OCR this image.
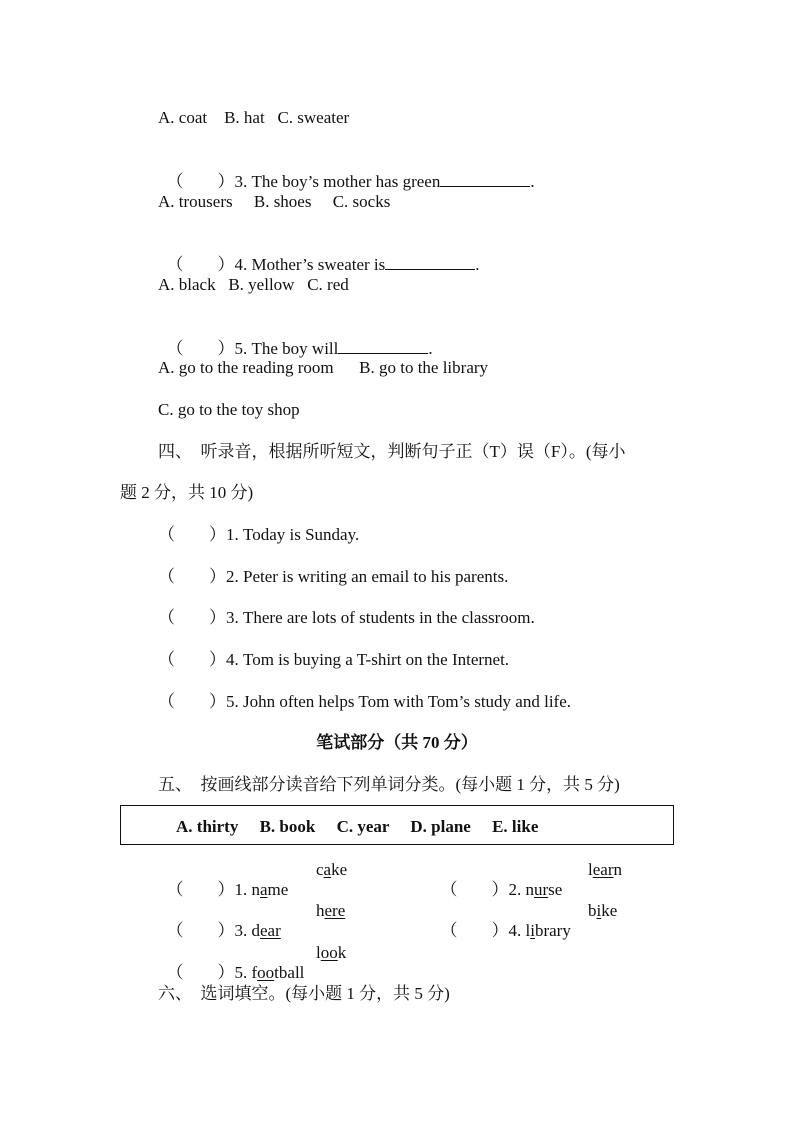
A. coat    B. hat   C. sweater

（        ）3. The boy’s mother has green	.

A. trousers     B. shoes     C. socks

（        ）4. Mother’s sweater is	.

A. black   B. yellow   C. red

（        ）5. The boy will	.

A. go to the reading room      B. go to the library
C. go to the toy shop
四、  听录音，根据所听短文，判断句子正（T）误（F）。(每小
题 2 分，共 10 分)
（        ）1. Today is Sunday.
（        ）2. Peter is writing an email to his parents.
（        ）3. There are lots of students in the classroom.
（        ）4. Tom is buying a T-shirt on the Internet.
（        ）5. John often helps Tom with Tom’s study and life.
笔试部分（共 70 分）
五、  按画线部分读音给下列单词分类。(每小题 1 分，共 5 分)
A. thirty     B. book     C. year     D. plane     E. like

（        ）1. name

cake

（        ）2. nurse

learn

（        ）3. dear

here

（        ）4. library

bike

（        ）5. football

look
六、  选词填空。(每小题 1 分，共 5 分)
